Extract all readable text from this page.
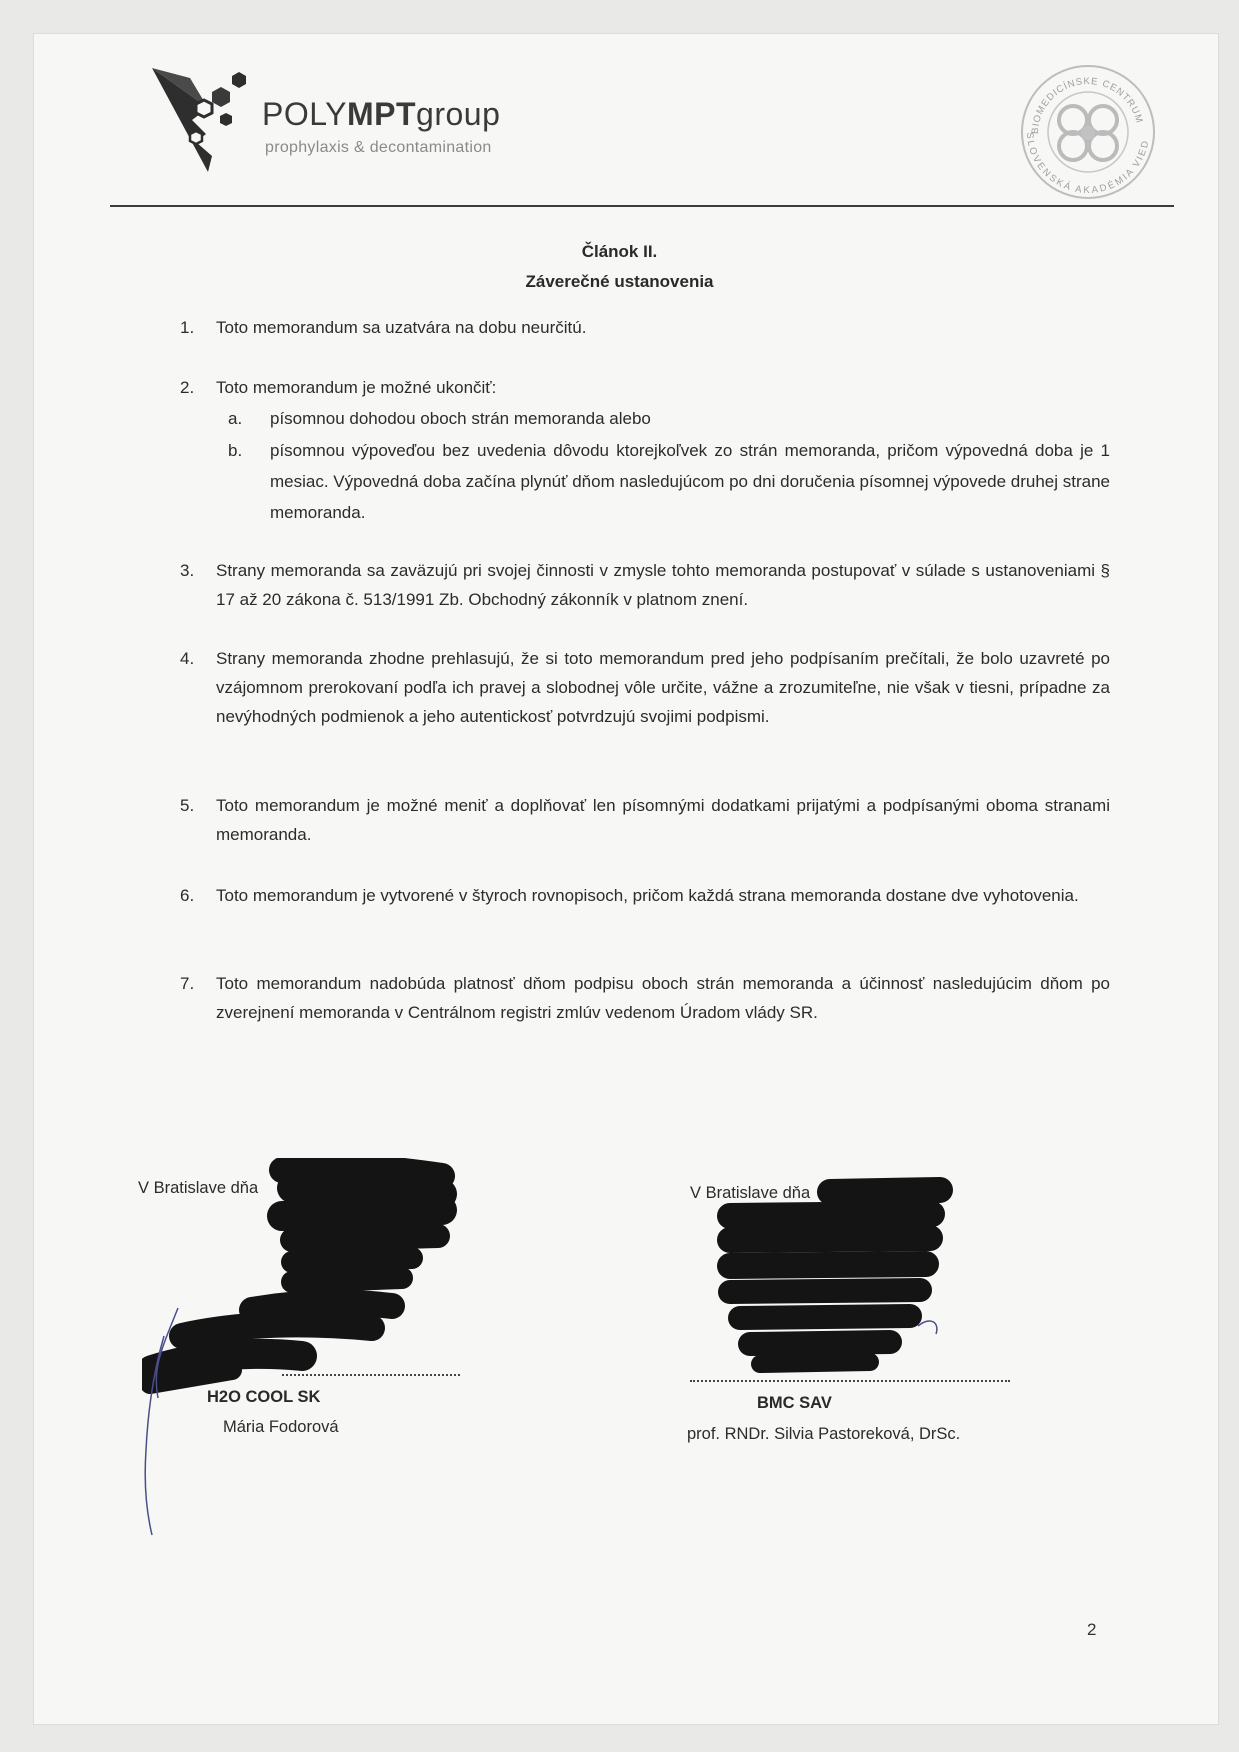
POLYMPTgroup
prophylaxis & decontamination
BIOMEDICÍNSKE CENTRUM
SLOVENSKÁ AKADÉMIA VIED
Článok II.
Záverečné ustanovenia
1. Toto memorandum sa uzatvára na dobu neurčitú.
2. Toto memorandum je možné ukončiť:
a. písomnou dohodou oboch strán memoranda alebo
b. písomnou výpoveďou bez uvedenia dôvodu ktorejkoľvek zo strán memoranda, pričom výpovedná doba je 1 mesiac. Výpovedná doba začína plynúť dňom nasledujúcom po dni doručenia písomnej výpovede druhej strane memoranda.
3. Strany memoranda sa zaväzujú pri svojej činnosti v zmysle tohto memoranda postupovať v súlade s ustanoveniami § 17 až 20 zákona č. 513/1991 Zb. Obchodný zákonník v platnom znení.
4. Strany memoranda zhodne prehlasujú, že si toto memorandum pred jeho podpísaním prečítali, že bolo uzavreté po vzájomnom prerokovaní podľa ich pravej a slobodnej vôle určite, vážne a zrozumiteľne, nie však v tiesni, prípadne za nevýhodných podmienok a jeho autentickosť potvrdzujú svojimi podpismi.
5. Toto memorandum je možné meniť a doplňovať len písomnými dodatkami prijatými a podpísanými oboma stranami memoranda.
6. Toto memorandum je vytvorené v štyroch rovnopisoch, pričom každá strana memoranda dostane dve vyhotovenia.
7. Toto memorandum nadobúda platnosť dňom podpisu oboch strán memoranda a účinnosť nasledujúcim dňom po zverejnení memoranda v Centrálnom registri zmlúv vedenom Úradom vlády SR.
V Bratislave dňa
H2O COOL SK
Mária Fodorová
V Bratislave dňa
BMC SAV
prof. RNDr. Silvia Pastoreková, DrSc.
2
